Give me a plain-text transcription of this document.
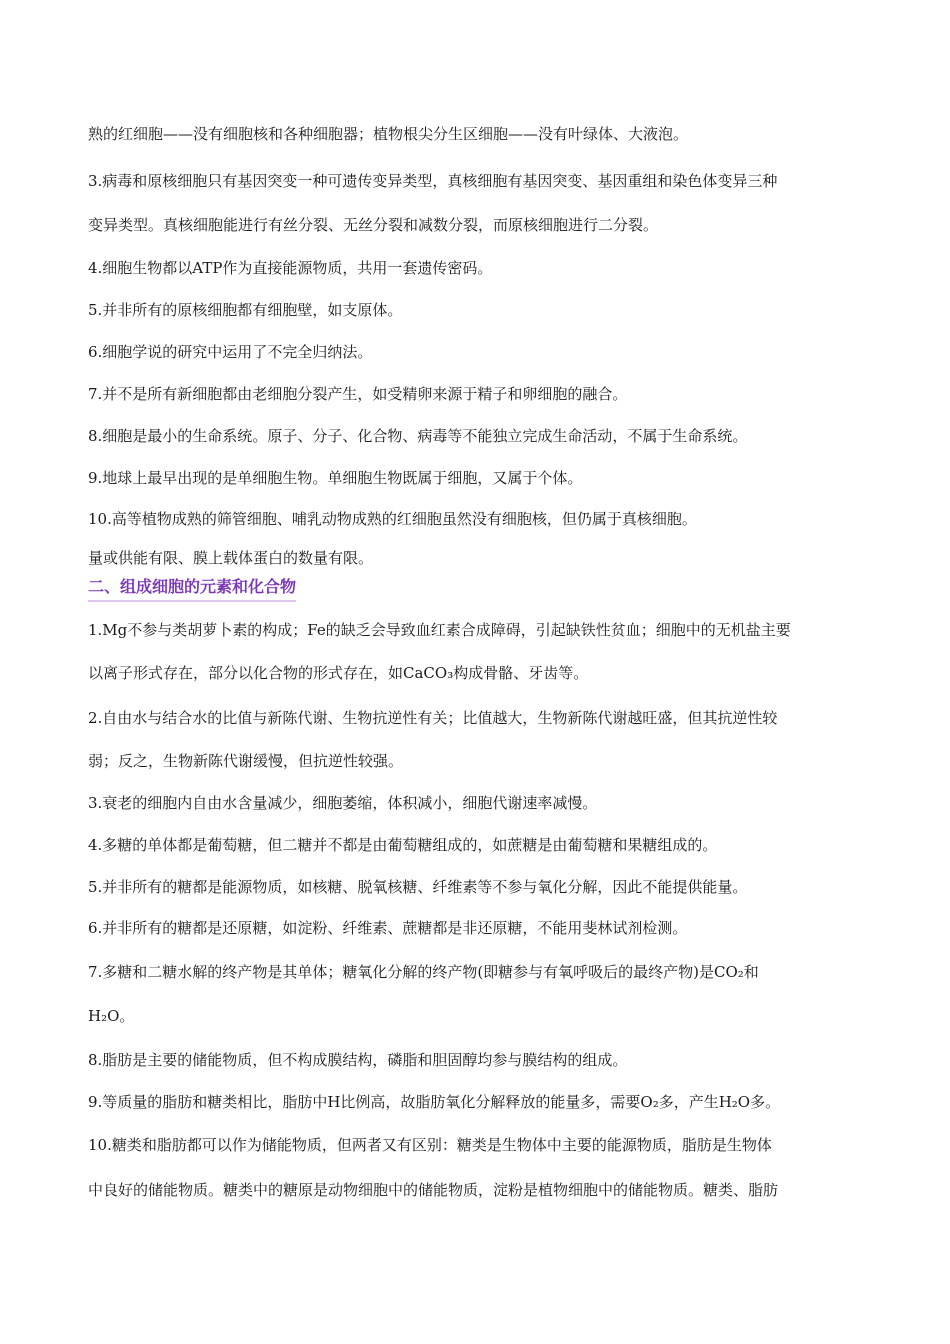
熟的红细胞——没有细胞核和各种细胞器；植物根尖分生区细胞——没有叶绿体、大液泡。
3.病毒和原核细胞只有基因突变一种可遗传变异类型，真核细胞有基因突变、基因重组和染色体变异三种
变异类型。真核细胞能进行有丝分裂、无丝分裂和减数分裂，而原核细胞进行二分裂。
4.细胞生物都以ATP作为直接能源物质，共用一套遗传密码。
5.并非所有的原核细胞都有细胞壁，如支原体。
6.细胞学说的研究中运用了不完全归纳法。
7.并不是所有新细胞都由老细胞分裂产生，如受精卵来源于精子和卵细胞的融合。
8.细胞是最小的生命系统。原子、分子、化合物、病毒等不能独立完成生命活动，不属于生命系统。
9.地球上最早出现的是单细胞生物。单细胞生物既属于细胞，又属于个体。
10.高等植物成熟的筛管细胞、哺乳动物成熟的红细胞虽然没有细胞核，但仍属于真核细胞。
量或供能有限、膜上载体蛋白的数量有限。
二、组成细胞的元素和化合物
1.Mg不参与类胡萝卜素的构成；Fe的缺乏会导致血红素合成障碍，引起缺铁性贫血；细胞中的无机盐主要
以离子形式存在，部分以化合物的形式存在，如CaCO₃构成骨骼、牙齿等。
2.自由水与结合水的比值与新陈代谢、生物抗逆性有关；比值越大，生物新陈代谢越旺盛，但其抗逆性较
弱；反之，生物新陈代谢缓慢，但抗逆性较强。
3.衰老的细胞内自由水含量减少，细胞萎缩，体积减小，细胞代谢速率减慢。
4.多糖的单体都是葡萄糖，但二糖并不都是由葡萄糖组成的，如蔗糖是由葡萄糖和果糖组成的。
5.并非所有的糖都是能源物质，如核糖、脱氧核糖、纤维素等不参与氧化分解，因此不能提供能量。
6.并非所有的糖都是还原糖，如淀粉、纤维素、蔗糖都是非还原糖，不能用斐林试剂检测。
7.多糖和二糖水解的终产物是其单体；糖氧化分解的终产物(即糖参与有氧呼吸后的最终产物)是CO₂和
H₂O。
8.脂肪是主要的储能物质，但不构成膜结构，磷脂和胆固醇均参与膜结构的组成。
9.等质量的脂肪和糖类相比，脂肪中H比例高，故脂肪氧化分解释放的能量多，需要O₂多，产生H₂O多。
10.糖类和脂肪都可以作为储能物质，但两者又有区别：糖类是生物体中主要的能源物质，脂肪是生物体
中良好的储能物质。糖类中的糖原是动物细胞中的储能物质，淀粉是植物细胞中的储能物质。糖类、脂肪
